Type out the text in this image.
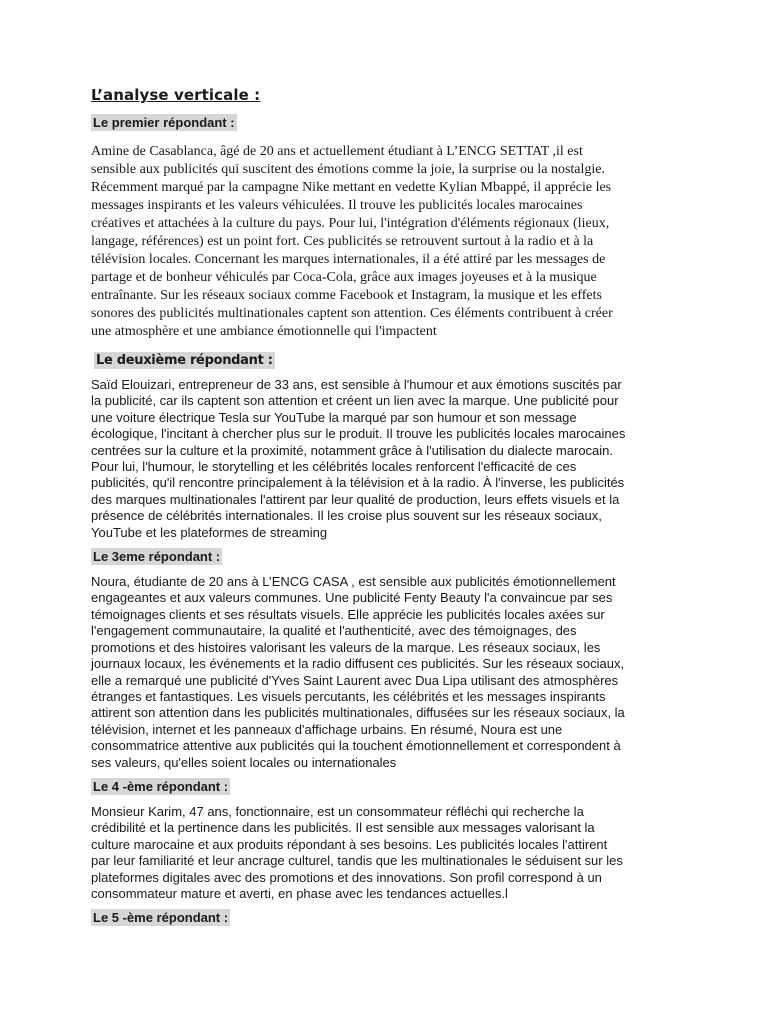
L’analyse verticale :
Le premier répondant :

Amine de Casablanca, âgé de 20 ans et actuellement étudiant à L’ENCG SETTAT ,il est
sensible aux publicités qui suscitent des émotions comme la joie, la surprise ou la nostalgie.
Récemment marqué par la campagne Nike mettant en vedette Kylian Mbappé, il apprécie les
messages inspirants et les valeurs véhiculées. Il trouve les publicités locales marocaines
créatives et attachées à la culture du pays. Pour lui, l'intégration d'éléments régionaux (lieux,
langage, références) est un point fort. Ces publicités se retrouvent surtout à la radio et à la
télévision locales. Concernant les marques internationales, il a été attiré par les messages de
partage et de bonheur véhiculés par Coca-Cola, grâce aux images joyeuses et à la musique
entraînante. Sur les réseaux sociaux comme Facebook et Instagram, la musique et les effets
sonores des publicités multinationales captent son attention. Ces éléments contribuent à créer
une atmosphère et une ambiance émotionnelle qui l'impactent

Le deuxième répondant :

Saïd Elouizari, entrepreneur de 33 ans, est sensible à l'humour et aux émotions suscités par
la publicité, car ils captent son attention et créent un lien avec la marque. Une publicité pour
une voiture électrique Tesla sur YouTube la marqué par son humour et son message
écologique, l'incitant à chercher plus sur le produit. Il trouve les publicités locales marocaines
centrées sur la culture et la proximité, notamment grâce à l'utilisation du dialecte marocain.
Pour lui, l'humour, le storytelling et les célébrités locales renforcent l'efficacité de ces
publicités, qu'il rencontre principalement à la télévision et à la radio. À l'inverse, les publicités
des marques multinationales l'attirent par leur qualité de production, leurs effets visuels et la
présence de célébrités internationales. Il les croise plus souvent sur les réseaux sociaux,
YouTube et les plateformes de streaming

Le 3eme répondant :

Noura, étudiante de 20 ans à L’ENCG CASA , est sensible aux publicités émotionnellement
engageantes et aux valeurs communes. Une publicité Fenty Beauty l'a convaincue par ses
témoignages clients et ses résultats visuels. Elle apprécie les publicités locales axées sur
l'engagement communautaire, la qualité et l'authenticité, avec des témoignages, des
promotions et des histoires valorisant les valeurs de la marque. Les réseaux sociaux, les
journaux locaux, les événements et la radio diffusent ces publicités. Sur les réseaux sociaux,
elle a remarqué une publicité d'Yves Saint Laurent avec Dua Lipa utilisant des atmosphères
étranges et fantastiques. Les visuels percutants, les célébrités et les messages inspirants
attirent son attention dans les publicités multinationales, diffusées sur les réseaux sociaux, la
télévision, internet et les panneaux d'affichage urbains. En résumé, Noura est une
consommatrice attentive aux publicités qui la touchent émotionnellement et correspondent à
ses valeurs, qu'elles soient locales ou internationales

Le 4 -ème répondant :

Monsieur Karim, 47 ans, fonctionnaire, est un consommateur réfléchi qui recherche la
crédibilité et la pertinence dans les publicités. Il est sensible aux messages valorisant la
culture marocaine et aux produits répondant à ses besoins. Les publicités locales l'attirent
par leur familiarité et leur ancrage culturel, tandis que les multinationales le séduisent sur les
plateformes digitales avec des promotions et des innovations. Son profil correspond à un
consommateur mature et averti, en phase avec les tendances actuelles.l

Le 5 -ème répondant :
